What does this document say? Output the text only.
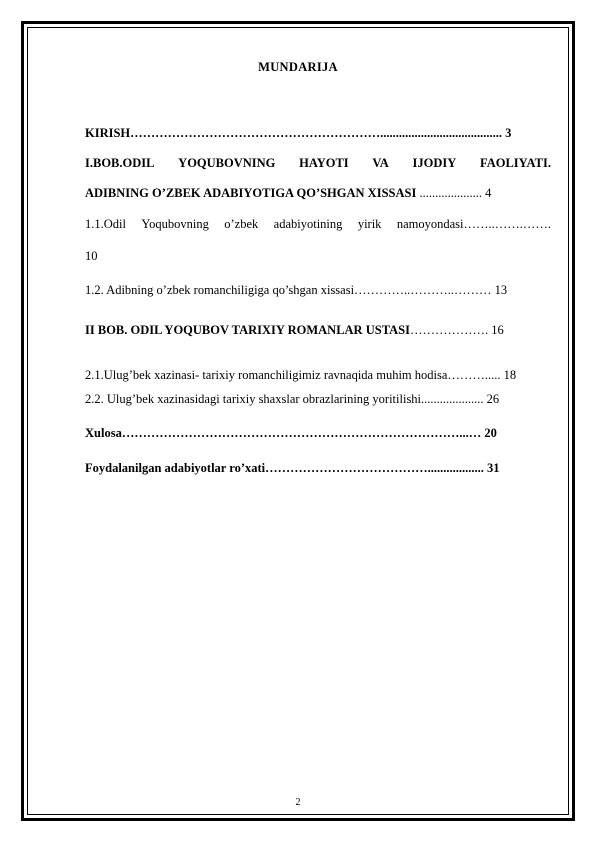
MUNDARIJA
KIRISH……………………………………………………....................................... 3
I.BOB.ODIL YOQUBOVNING HAYOTI VA IJODIY FAOLIYATI.
ADIBNING O’ZBEK ADABIYOTIGA QO’SHGAN XISSASI .................... 4
1.1.Odil Yoqubovning o’zbek adabiyotining yirik namoyondasi……..…….…….
10
1.2. Adibning o’zbek romanchiligiga qo’shgan xissasi…………..………..……… 13
II BOB. ODIL YOQUBOV TARIXIY ROMANLAR USTASI………………. 16
2.1.Ulug’bek xazinasi- tarixiy romanchiligimiz ravnaqida muhim hodisa………..... 18
2.2. Ulug’bek xazinasidagi tarixiy shaxslar obrazlarining yoritilishi.................... 26
Xulosa………………………………………………………………………...… 20
Foydalanilgan adabiyotlar ro’xati………………………………….................. 31
2
